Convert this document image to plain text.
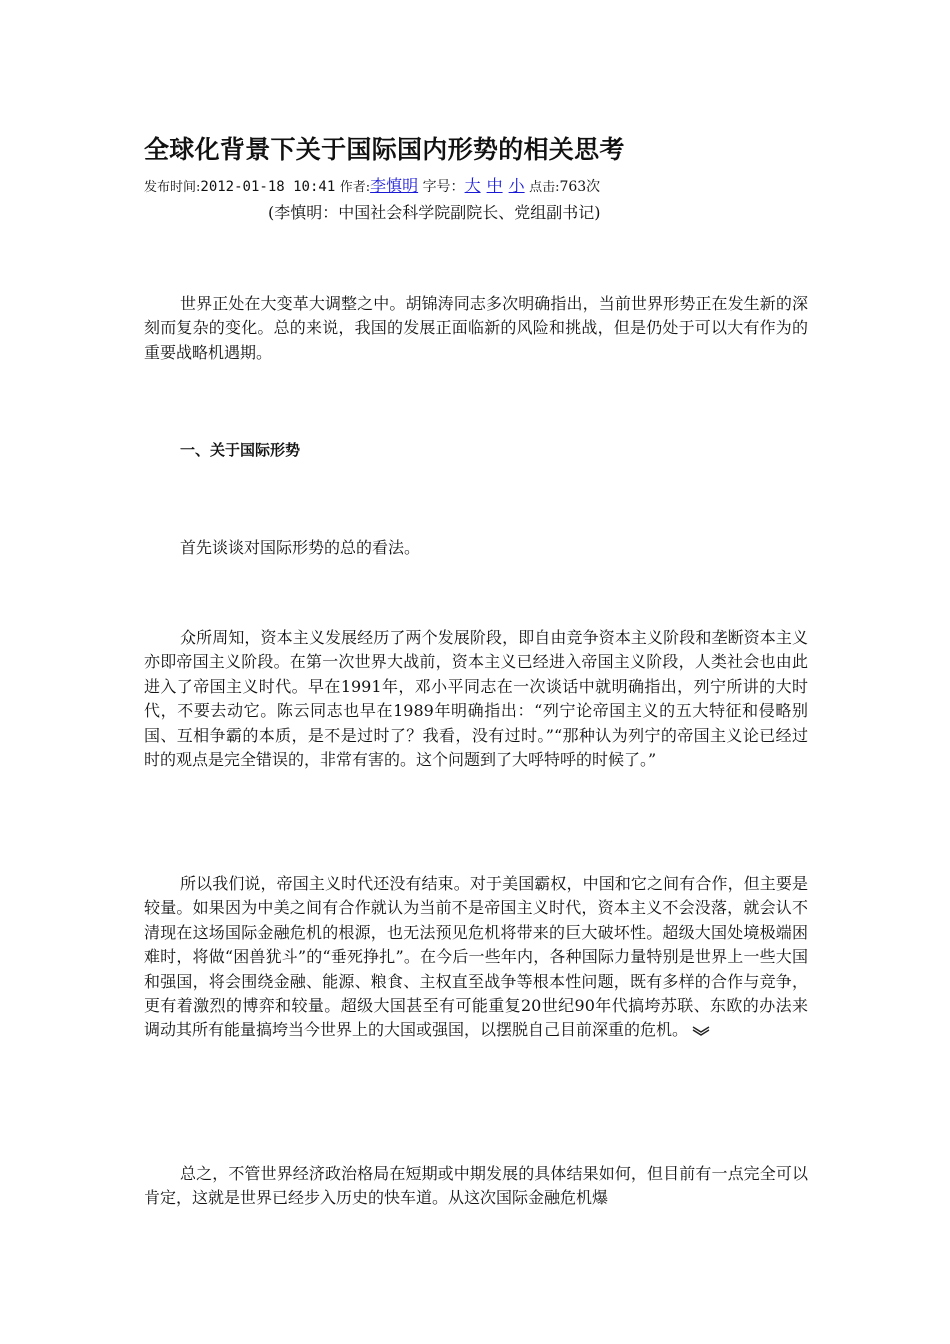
全球化背景下关于国际国内形势的相关思考
发布时间:2012-01-18 10:41 作者:李慎明 字号：大 中 小 点击:763次
(李慎明：中国社会科学院副院长、党组副书记)

世界正处在大变革大调整之中。胡锦涛同志多次明确指出，当前世界形势正在发生新的深刻而复杂的变化。总的来说，我国的发展正面临新的风险和挑战，但是仍处于可以大有作为的重要战略机遇期。

一、关于国际形势

首先谈谈对国际形势的总的看法。

众所周知，资本主义发展经历了两个发展阶段，即自由竞争资本主义阶段和垄断资本主义亦即帝国主义阶段。在第一次世界大战前，资本主义已经进入帝国主义阶段，人类社会也由此进入了帝国主义时代。早在1991年，邓小平同志在一次谈话中就明确指出，列宁所讲的大时代，不要去动它。陈云同志也早在1989年明确指出：“列宁论帝国主义的五大特征和侵略别国、互相争霸的本质，是不是过时了？我看，没有过时。”“那种认为列宁的帝国主义论已经过时的观点是完全错误的，非常有害的。这个问题到了大呼特呼的时候了。”

所以我们说，帝国主义时代还没有结束。对于美国霸权，中国和它之间有合作，但主要是较量。如果因为中美之间有合作就认为当前不是帝国主义时代，资本主义不会没落，就会认不清现在这场国际金融危机的根源，也无法预见危机将带来的巨大破坏性。超级大国处境极端困难时，将做“困兽犹斗”的“垂死挣扎”。在今后一些年内，各种国际力量特别是世界上一些大国和强国，将会围绕金融、能源、粮食、主权直至战争等根本性问题，既有多样的合作与竞争，更有着激烈的博弈和较量。超级大国甚至有可能重复20世纪90年代搞垮苏联、东欧的办法来调动其所有能量搞垮当今世界上的大国或强国，以摆脱自己目前深重的危机。

总之，不管世界经济政治格局在短期或中期发展的具体结果如何，但目前有一点完全可以肯定，这就是世界已经步入历史的快车道。从这次国际金融危机爆
